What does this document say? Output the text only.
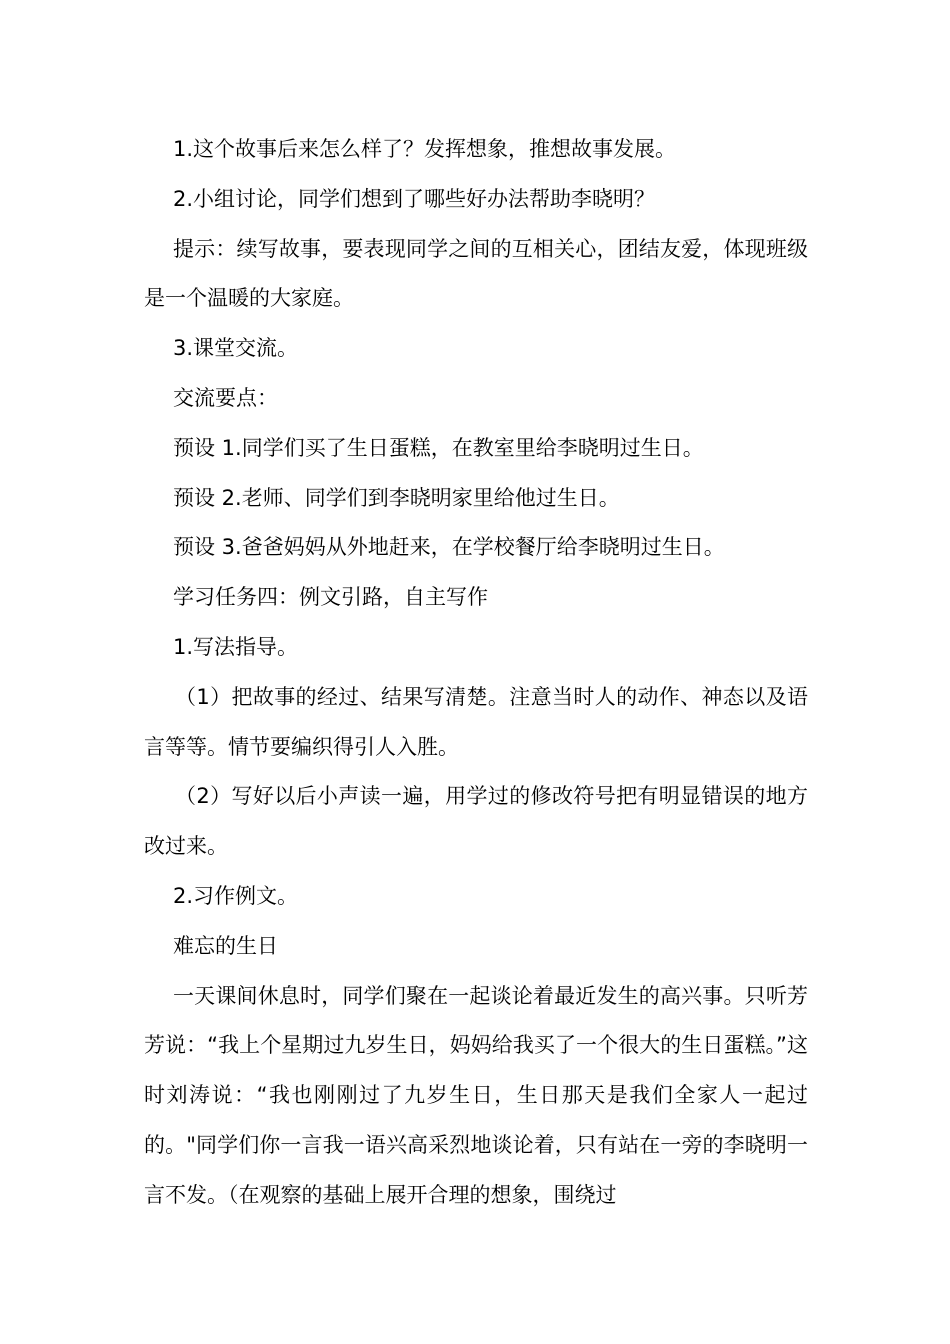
1.这个故事后来怎么样了？发挥想象，推想故事发展。

2.小组讨论，同学们想到了哪些好办法帮助李晓明？

提示：续写故事，要表现同学之间的互相关心，团结友爱，体现班级是一个温暖的大家庭。

3.课堂交流。

交流要点：

预设 1.同学们买了生日蛋糕，在教室里给李晓明过生日。

预设 2.老师、同学们到李晓明家里给他过生日。

预设 3.爸爸妈妈从外地赶来，在学校餐厅给李晓明过生日。

学习任务四：例文引路，自主写作

1.写法指导。

（1）把故事的经过、结果写清楚。注意当时人的动作、神态以及语言等等。情节要编织得引人入胜。

（2）写好以后小声读一遍，用学过的修改符号把有明显错误的地方改过来。

2.习作例文。

难忘的生日

一天课间休息时，同学们聚在一起谈论着最近发生的高兴事。只听芳芳说：“我上个星期过九岁生日，妈妈给我买了一个很大的生日蛋糕。”这时刘涛说：“我也刚刚过了九岁生日，生日那天是我们全家人一起过的。"同学们你一言我一语兴高采烈地谈论着，只有站在一旁的李晓明一言不发。（在观察的基础上展开合理的想象，围绕过
